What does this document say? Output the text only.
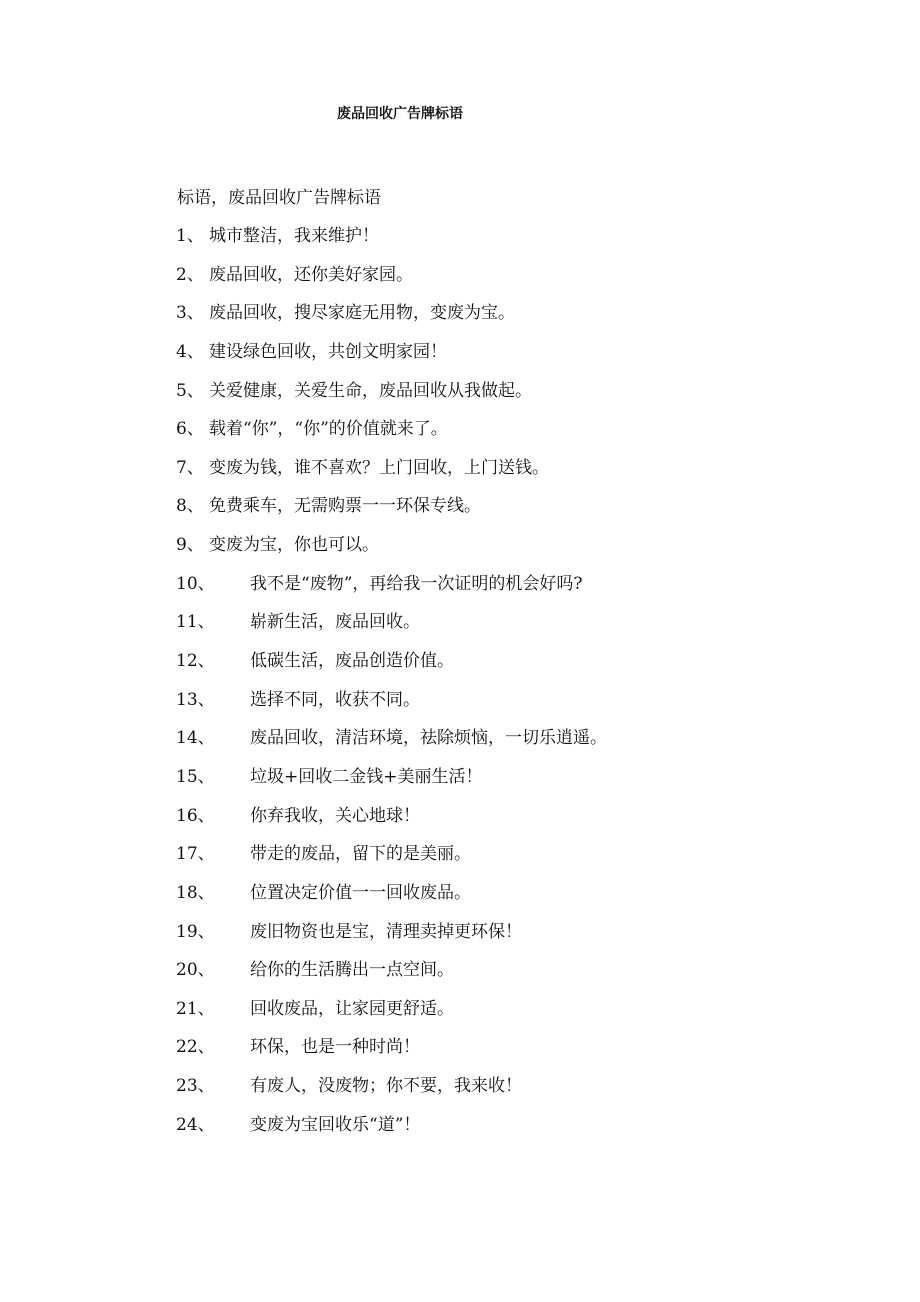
废品回收广告牌标语
标语，废品回收广告牌标语
1、 城市整洁，我来维护！
2、 废品回收，还你美好家园。
3、 废品回收，搜尽家庭无用物，变废为宝。
4、 建设绿色回收，共创文明家园！
5、 关爱健康，关爱生命，废品回收从我做起。
6、 载着“你”，“你”的价值就来了。
7、 变废为钱，谁不喜欢？上门回收，上门送钱。
8、 免费乘车，无需购票一一环保专线。
9、 变废为宝，你也可以。
10、 我不是“废物”，再给我一次证明的机会好吗?
11、 崭新生活，废品回收。
12、 低碳生活，废品创造价值。
13、 选择不同，收获不同。
14、 废品回收，清洁环境，祛除烦恼，一切乐逍遥。
15、 垃圾+回收二金钱+美丽生活！
16、 你弃我收，关心地球！
17、 带走的废品，留下的是美丽。
18、 位置决定价值一一回收废品。
19、 废旧物资也是宝，清理卖掉更环保！
20、 给你的生活腾出一点空间。
21、 回收废品，让家园更舒适。
22、 环保，也是一种时尚！
23、 有废人，没废物；你不要，我来收！
24、 变废为宝回收乐“道”！
